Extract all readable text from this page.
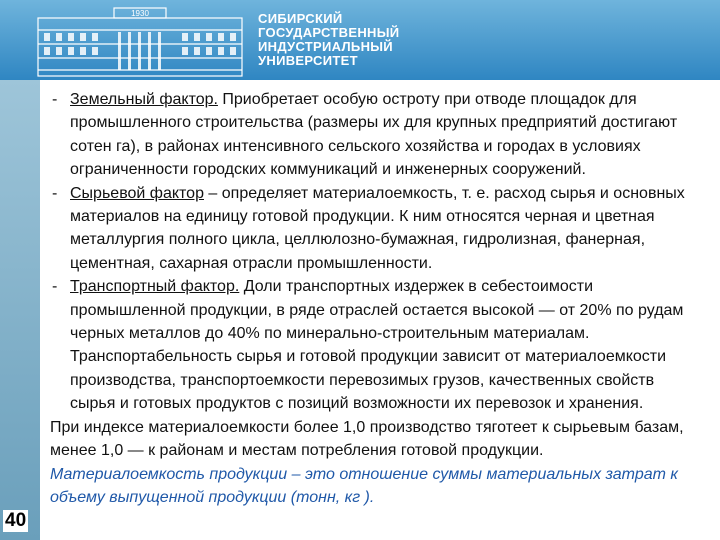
1930	СИБИРСКИЙ
ГОСУДАРСТВЕННЫЙ
ИНДУСТРИАЛЬНЫЙ
УНИВЕРСИТЕТ
40
- Земельный фактор. Приобретает особую остроту при отводе площадок для промышленного строительства (размеры их для крупных предприятий достигают сотен га), в районах интенсивного сельского хозяйства и городах в условиях ограниченности городских коммуникаций и инженерных сооружений.
- Сырьевой фактор – определяет материалоемкость, т. е. расход сырья и основных материалов на единицу готовой продукции. К ним относятся черная и цветная металлургия полного цикла, целлюлозно-бумажная, гидролизная, фанерная, цементная, сахарная отрасли промышленности.
- Транспортный фактор. Доли транспортных издержек в себестоимости промышленной продукции, в ряде отраслей остается высокой — от 20% по рудам черных металлов до 40% по минерально-строительным материалам. Транспортабельность сырья и готовой продукции зависит от материалоемкости производства, транспортоемкости перевозимых грузов, качественных свойств сырья и готовых продуктов с позиций возможности их перевозок и хранения.
При индексе материалоемкости более 1,0 производство тяготеет к сырьевым базам, менее 1,0 — к районам и местам потребления готовой продукции.
Материалоемкость продукции – это отношение суммы материальных затрат к объему выпущенной продукции (тонн, кг ).
